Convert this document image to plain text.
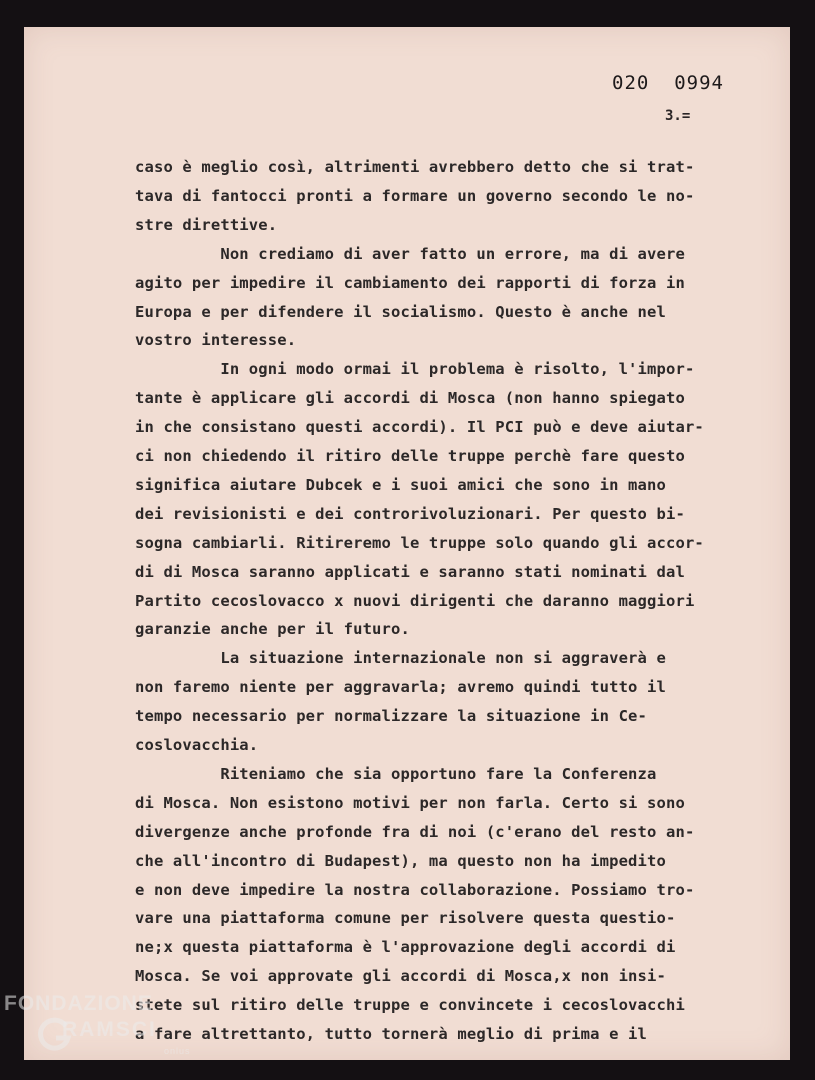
020  0994
3.=
caso è meglio così, altrimenti avrebbero detto che si trat-
tava di fantocci pronti a formare un governo secondo le no-
stre direttive.
Non crediamo di aver fatto un errore, ma di avere
agito per impedire il cambiamento dei rapporti di forza in
Europa e per difendere il socialismo. Questo è anche nel
vostro interesse.
In ogni modo ormai il problema è risolto, l'impor-
tante è applicare gli accordi di Mosca (non hanno spiegato
in che consistano questi accordi). Il PCI può e deve aiutar-
ci non chiedendo il ritiro delle truppe perchè fare questo
significa aiutare Dubcek e i suoi amici che sono in mano
dei revisionisti e dei controrivoluzionari. Per questo bi-
sogna cambiarli. Ritireremo le truppe solo quando gli accor-
di di Mosca saranno applicati e saranno stati nominati dal
Partito cecoslovacco x nuovi dirigenti che daranno maggiori
garanzie anche per il futuro.
La situazione internazionale non si aggraverà e
non faremo niente per aggravarla; avremo quindi tutto il
tempo necessario per normalizzare la situazione in Ce-
coslovacchia.
Riteniamo che sia opportuno fare la Conferenza
di Mosca. Non esistono motivi per non farla. Certo si sono
divergenze anche profonde fra di noi (c'erano del resto an-
che all'incontro di Budapest), ma questo non ha impedito
e non deve impedire la nostra collaborazione. Possiamo tro-
vare una piattaforma comune per risolvere questa questio-
ne;x questa piattaforma è l'approvazione degli accordi di
Mosca. Se voi approvate gli accordi di Mosca,x non insi-
stete sul ritiro delle truppe e convincete i cecoslovacchi
a fare altrettanto, tutto tornerà meglio di prima e il
FONDAZIONE
RAMSCI
onlus
